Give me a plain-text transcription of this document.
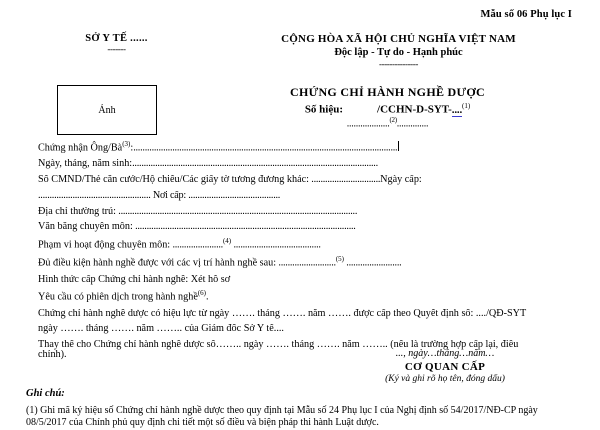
Mẫu số 06 Phụ lục I
SỞ Y TẾ ......
-------
CỘNG HÒA XÃ HỘI CHỦ NGHĨA VIỆT NAM
Độc lập - Tự do - Hạnh phúc
---------------
Ảnh
CHỨNG CHỈ HÀNH NGHỀ DƯỢC
Số hiệu:	/CCHN-D-SYT-....$^{(1)}$
...................$^{(2)}$..............
Chứng nhận Ông/$Bà^{(3)}$:...................................................................................................................
Ngày, tháng, năm sinh:...........................................................................................................
Số CMND/Thẻ căn cước/Hộ chiếu/Các giấy tờ tương đương khác: ..............................Ngày cấp:
................................................. Nơi cấp: ........................................
Địa chỉ thường trú: ........................................................................................................
Văn bằng chuyên môn: ................................................................................................
Phạm vi hoạt động chuyên môn: ......................$^{(4)}$ ......................................
Đủ điều kiện hành nghề được với các vị trí hành nghề sau: .........................$^{(5)}$ ........................
Hình thức cấp Chứng chỉ hành nghề: Xét hồ sơ
Yêu cầu có phiên dịch trong hành nghề$^{(6)}$.
Chứng chỉ hành nghề dược có hiệu lực từ ngày ……. tháng ……. năm ……. được cấp theo Quyết định số: ..../QĐ-SYT
ngày ……. tháng ……. năm …….. của Giám đốc Sở Y tế....
Thay thế cho Chứng chỉ hành nghề dược số…….. ngày ……. tháng ……. năm …….. (nếu là trường hợp cấp lại, điều
chỉnh).	..., ngày…tháng…năm…
CƠ QUAN CẤP
(Ký và ghi rõ họ tên, đóng dấu)
Ghi chú:
(1) Ghi mã ký hiệu số Chứng chỉ hành nghề dược theo quy định tại Mẫu số 24 Phụ lục I của Nghị định số 54/2017/NĐ-CP ngày 08/5/2017 của Chính phủ quy định chi tiết một số điều và biện pháp thi hành Luật dược.
